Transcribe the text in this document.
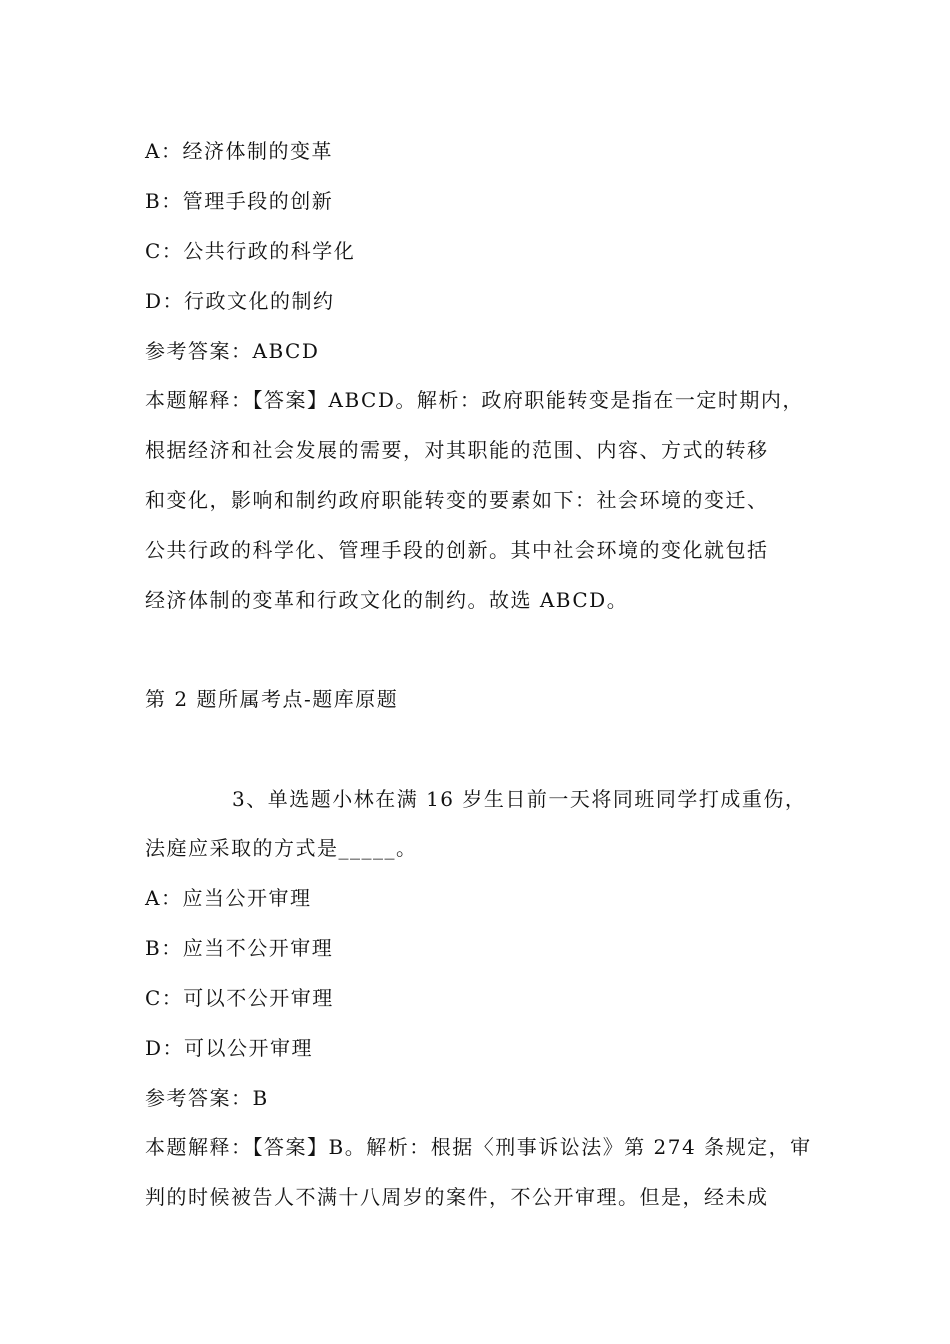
A：经济体制的变革
B：管理手段的创新
C：公共行政的科学化
D：行政文化的制约
参考答案：ABCD
本题解释：【答案】ABCD。解析：政府职能转变是指在一定时期内，
根据经济和社会发展的需要，对其职能的范围、内容、方式的转移
和变化，影响和制约政府职能转变的要素如下：社会环境的变迁、
公共行政的科学化、管理手段的创新。其中社会环境的变化就包括
经济体制的变革和行政文化的制约。故选 ABCD。
第 2 题所属考点-题库原题
3、单选题小林在满 16 岁生日前一天将同班同学打成重伤，
法庭应采取的方式是_____。
A：应当公开审理
B：应当不公开审理
C：可以不公开审理
D：可以公开审理
参考答案：B
本题解释：【答案】B。解析：根据〈刑事诉讼法》第 274 条规定，审
判的时候被告人不满十八周岁的案件，不公开审理。但是，经未成
